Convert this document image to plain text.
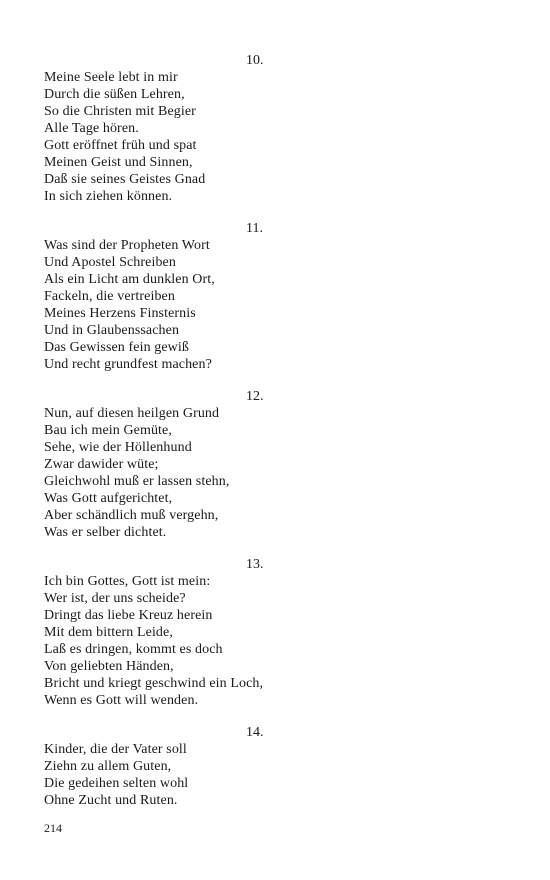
10.
Meine Seele lebt in mir
Durch die süßen Lehren,
So die Christen mit Begier
Alle Tage hören.
Gott eröffnet früh und spat
Meinen Geist und Sinnen,
Daß sie seines Geistes Gnad
In sich ziehen können.
11.
Was sind der Propheten Wort
Und Apostel Schreiben
Als ein Licht am dunklen Ort,
Fackeln, die vertreiben
Meines Herzens Finsternis
Und in Glaubenssachen
Das Gewissen fein gewiß
Und recht grundfest machen?
12.
Nun, auf diesen heilgen Grund
Bau ich mein Gemüte,
Sehe, wie der Höllenhund
Zwar dawider wüte;
Gleichwohl muß er lassen stehn,
Was Gott aufgerichtet,
Aber schändlich muß vergehn,
Was er selber dichtet.
13.
Ich bin Gottes, Gott ist mein:
Wer ist, der uns scheide?
Dringt das liebe Kreuz herein
Mit dem bittern Leide,
Laß es dringen, kommt es doch
Von geliebten Händen,
Bricht und kriegt geschwind ein Loch,
Wenn es Gott will wenden.
14.
Kinder, die der Vater soll
Ziehn zu allem Guten,
Die gedeihen selten wohl
Ohne Zucht und Ruten.
214
